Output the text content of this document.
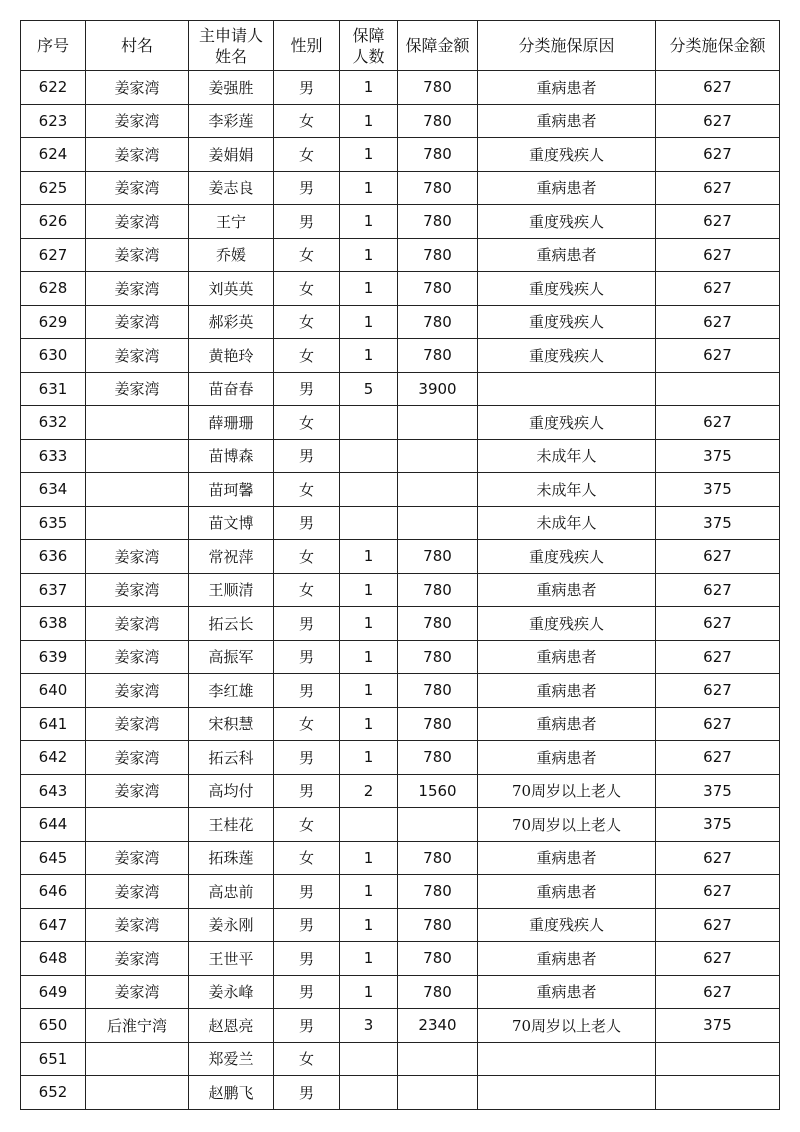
序号	村名	主申请人姓名	性别	保障人数	保障金额	分类施保原因	分类施保金额
622	姜家湾	姜强胜	男	1	780	重病患者	627
623	姜家湾	李彩莲	女	1	780	重病患者	627
624	姜家湾	姜娟娟	女	1	780	重度残疾人	627
625	姜家湾	姜志良	男	1	780	重病患者	627
626	姜家湾	王宁	男	1	780	重度残疾人	627
627	姜家湾	乔媛	女	1	780	重病患者	627
628	姜家湾	刘英英	女	1	780	重度残疾人	627
629	姜家湾	郝彩英	女	1	780	重度残疾人	627
630	姜家湾	黄艳玲	女	1	780	重度残疾人	627
631	姜家湾	苗奋春	男	5	3900		
632		薛珊珊	女			重度残疾人	627
633		苗博森	男			未成年人	375
634		苗珂馨	女			未成年人	375
635		苗文博	男			未成年人	375
636	姜家湾	常祝萍	女	1	780	重度残疾人	627
637	姜家湾	王顺清	女	1	780	重病患者	627
638	姜家湾	拓云长	男	1	780	重度残疾人	627
639	姜家湾	高振军	男	1	780	重病患者	627
640	姜家湾	李红雄	男	1	780	重病患者	627
641	姜家湾	宋积慧	女	1	780	重病患者	627
642	姜家湾	拓云科	男	1	780	重病患者	627
643	姜家湾	高均付	男	2	1560	70周岁以上老人	375
644		王桂花	女			70周岁以上老人	375
645	姜家湾	拓珠莲	女	1	780	重病患者	627
646	姜家湾	高忠前	男	1	780	重病患者	627
647	姜家湾	姜永刚	男	1	780	重度残疾人	627
648	姜家湾	王世平	男	1	780	重病患者	627
649	姜家湾	姜永峰	男	1	780	重病患者	627
650	后淮宁湾	赵恩亮	男	3	2340	70周岁以上老人	375
651		郑爱兰	女				
652		赵鹏飞	男				
